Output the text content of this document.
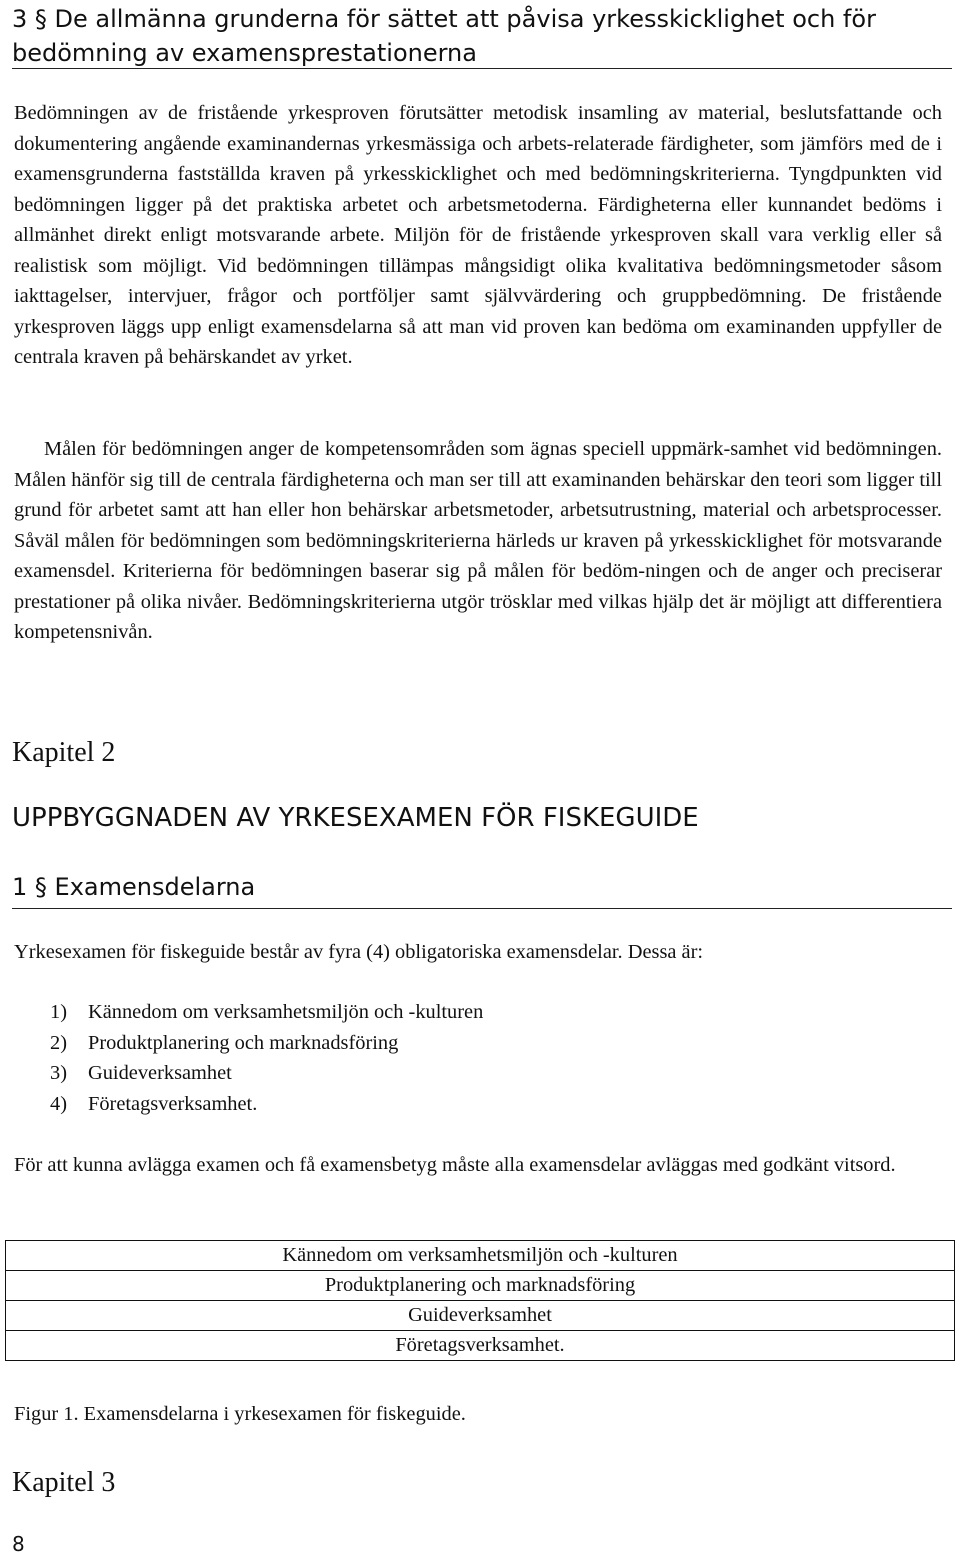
3 § De allmänna grunderna för sättet att påvisa yrkesskicklighet och för bedömning av examensprestationerna

Bedömningen av de fristående yrkesproven förutsätter metodisk insamling av material, beslutsfattande och dokumentering angående examinandernas yrkesmässiga och arbets-relaterade färdigheter, som jämförs med de i examensgrunderna fastställda kraven på yrkesskicklighet och med bedömningskriterierna. Tyngdpunkten vid bedömningen ligger på det praktiska arbetet och arbetsmetoderna. Färdigheterna eller kunnandet bedöms i allmänhet direkt enligt motsvarande arbete. Miljön för de fristående yrkesproven skall vara verklig eller så realistisk som möjligt. Vid bedömningen tillämpas mångsidigt olika kvalitativa bedömningsmetoder såsom iakttagelser, intervjuer, frågor och portföljer samt självvärdering och gruppbedömning. De fristående yrkesproven läggs upp enligt examensdelarna så att man vid proven kan bedöma om examinanden uppfyller de centrala kraven på behärskandet av yrket.

Målen för bedömningen anger de kompetensområden som ägnas speciell uppmärk-samhet vid bedömningen. Målen hänför sig till de centrala färdigheterna och man ser till att examinanden behärskar den teori som ligger till grund för arbetet samt att han eller hon behärskar arbetsmetoder, arbetsutrustning, material och arbetsprocesser. Såväl målen för bedömningen som bedömningskriterierna härleds ur kraven på yrkesskicklighet för motsvarande examensdel. Kriterierna för bedömningen baserar sig på målen för bedöm-ningen och de anger och preciserar prestationer på olika nivåer. Bedömningskriterierna utgör trösklar med vilkas hjälp det är möjligt att differentiera kompetensnivån.

Kapitel 2
UPPBYGGNADEN AV YRKESEXAMEN FÖR FISKEGUIDE
1 § Examensdelarna
Yrkesexamen för fiskeguide består av fyra (4) obligatoriska examensdelar. Dessa är:
1) Kännedom om verksamhetsmiljön och -kulturen
2) Produktplanering och marknadsföring
3) Guideverksamhet
4) Företagsverksamhet.

För att kunna avlägga examen och få examensbetyg måste alla examensdelar avläggas med godkänt vitsord.

Kännedom om verksamhetsmiljön och -kulturen
Produktplanering och marknadsföring
Guideverksamhet
Företagsverksamhet.
Figur 1. Examensdelarna i yrkesexamen för fiskeguide.
Kapitel 3
8
